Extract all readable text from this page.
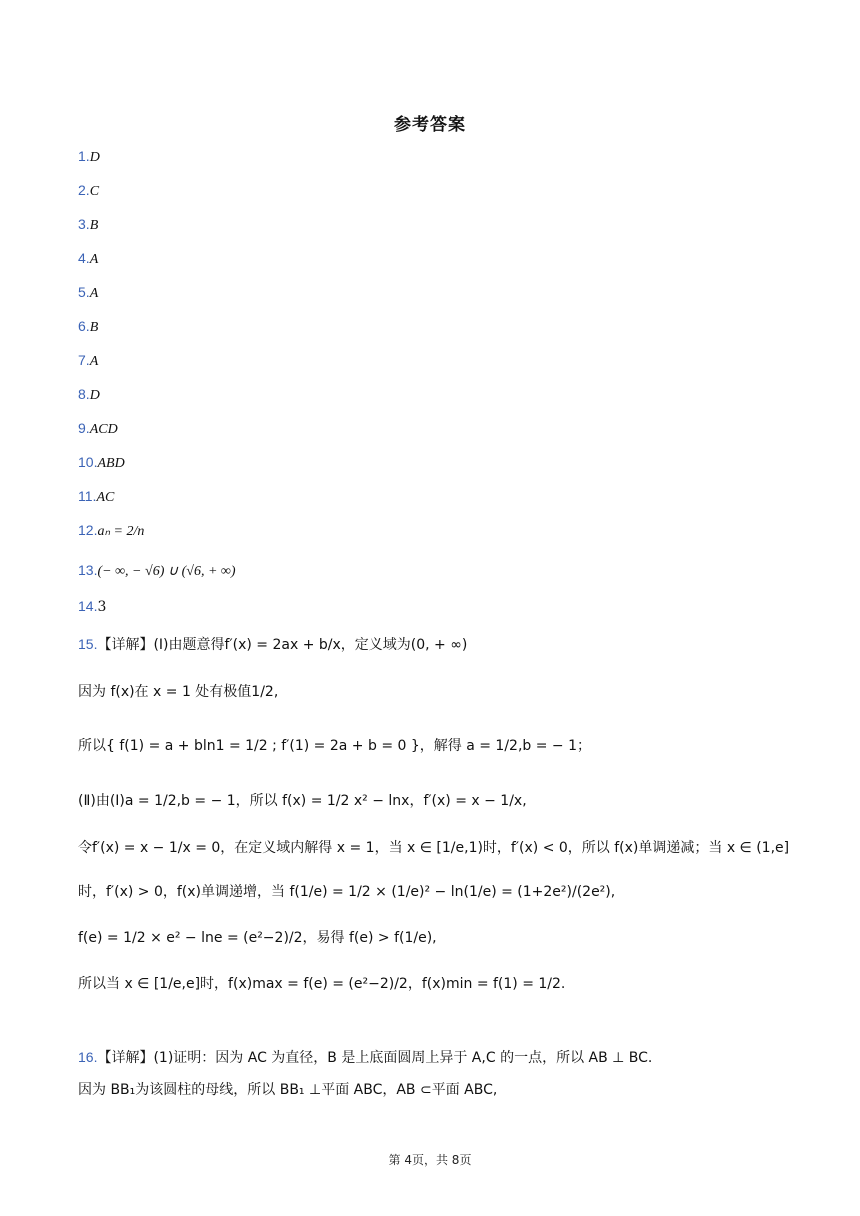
参考答案
1.D
2.C
3.B
4.A
5.A
6.B
7.A
8.D
9.ACD
10.ABD
11.AC
12.aₙ = 2/n
13.(− ∞, − √6) ∪ (√6, + ∞)
14.3
15.【详解】(Ⅰ)由题意得f′(x) = 2ax + b/x，定义域为(0, + ∞)
因为 f(x)在 x = 1 处有极值1/2,
所以{ f(1) = a + bln1 = 1/2 ; f′(1) = 2a + b = 0 }，解得 a = 1/2,b = − 1；
(Ⅱ)由(Ⅰ)a = 1/2,b = − 1，所以 f(x) = 1/2 x² − lnx，f′(x) = x − 1/x,
令f′(x) = x − 1/x = 0，在定义域内解得 x = 1，当 x ∈ [1/e,1)时，f′(x) < 0，所以 f(x)单调递减；当 x ∈ (1,e]
时，f′(x) > 0，f(x)单调递增，当 f(1/e) = 1/2 × (1/e)² − ln(1/e) = (1+2e²)/(2e²),
f(e) = 1/2 × e² − lne = (e²−2)/2，易得 f(e) > f(1/e),
所以当 x ∈ [1/e,e]时，f(x)max = f(e) = (e²−2)/2，f(x)min = f(1) = 1/2.
16.【详解】(1)证明：因为 AC 为直径，B 是上底面圆周上异于 A,C 的一点，所以 AB ⊥ BC.
因为 BB₁为该圆柱的母线，所以 BB₁ ⊥平面 ABC，AB ⊂平面 ABC,
第 4页，共 8页
